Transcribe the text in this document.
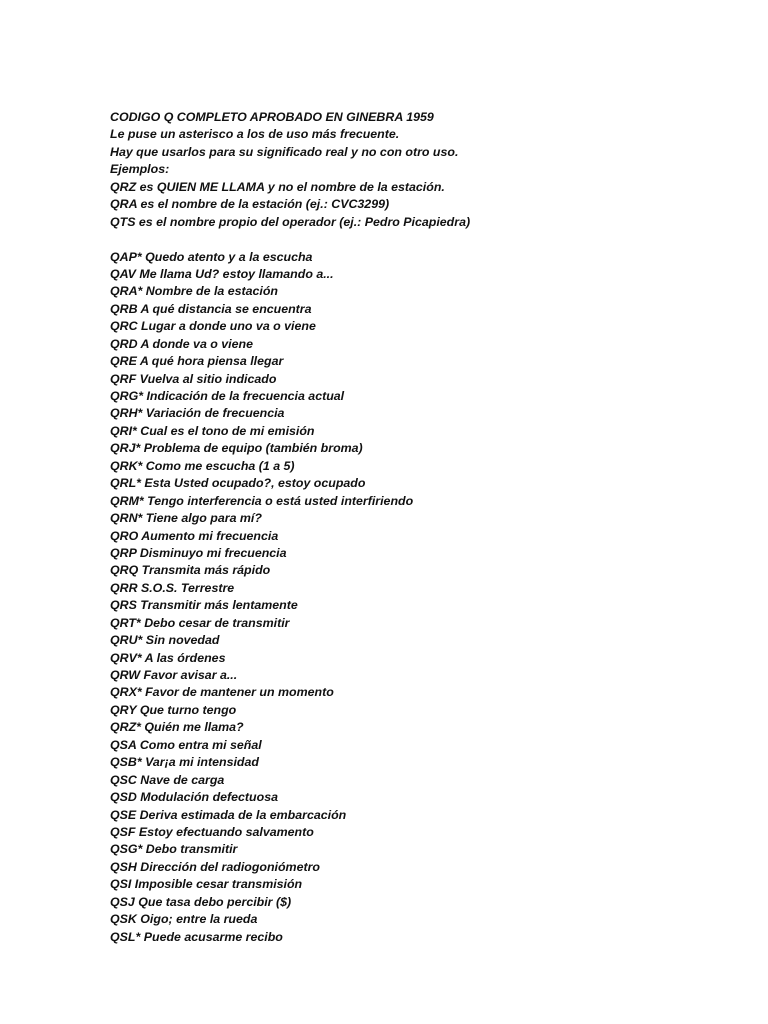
CODIGO Q COMPLETO APROBADO EN GINEBRA 1959
Le puse un asterisco a los de uso más frecuente.
Hay que usarlos para su significado real y no con otro uso.
Ejemplos:
QRZ es QUIEN ME LLAMA y no el nombre de la estación.
QRA es el nombre de la estación (ej.: CVC3299)
QTS es el nombre propio del operador (ej.: Pedro Picapiedra)
QAP* Quedo atento y a la escucha
QAV Me llama Ud? estoy llamando a...
QRA* Nombre de la estación
QRB A qué distancia se encuentra
QRC Lugar a donde uno va o viene
QRD A donde va o viene
QRE A qué hora piensa llegar
QRF Vuelva al sitio indicado
QRG* Indicación de la frecuencia actual
QRH* Variación de frecuencia
QRI* Cual es el tono de mi emisión
QRJ* Problema de equipo (también broma)
QRK* Como me escucha (1 a 5)
QRL* Esta Usted ocupado?, estoy ocupado
QRM* Tengo interferencia o está usted interfiriendo
QRN* Tiene algo para mí?
QRO Aumento mi frecuencia
QRP Disminuyo mi frecuencia
QRQ Transmita más rápido
QRR S.O.S. Terrestre
QRS Transmitir más lentamente
QRT* Debo cesar de transmitir
QRU* Sin novedad
QRV* A las órdenes
QRW Favor avisar a...
QRX* Favor de mantener un momento
QRY Que turno tengo
QRZ* Quién me llama?
QSA Como entra mi señal
QSB* Var¡a mi intensidad
QSC Nave de carga
QSD Modulación defectuosa
QSE Deriva estimada de la embarcación
QSF Estoy efectuando salvamento
QSG* Debo transmitir
QSH Dirección del radiogoniómetro
QSI Imposible cesar transmisión
QSJ Que tasa debo percibir ($)
QSK Oigo; entre la rueda
QSL* Puede acusarme recibo
